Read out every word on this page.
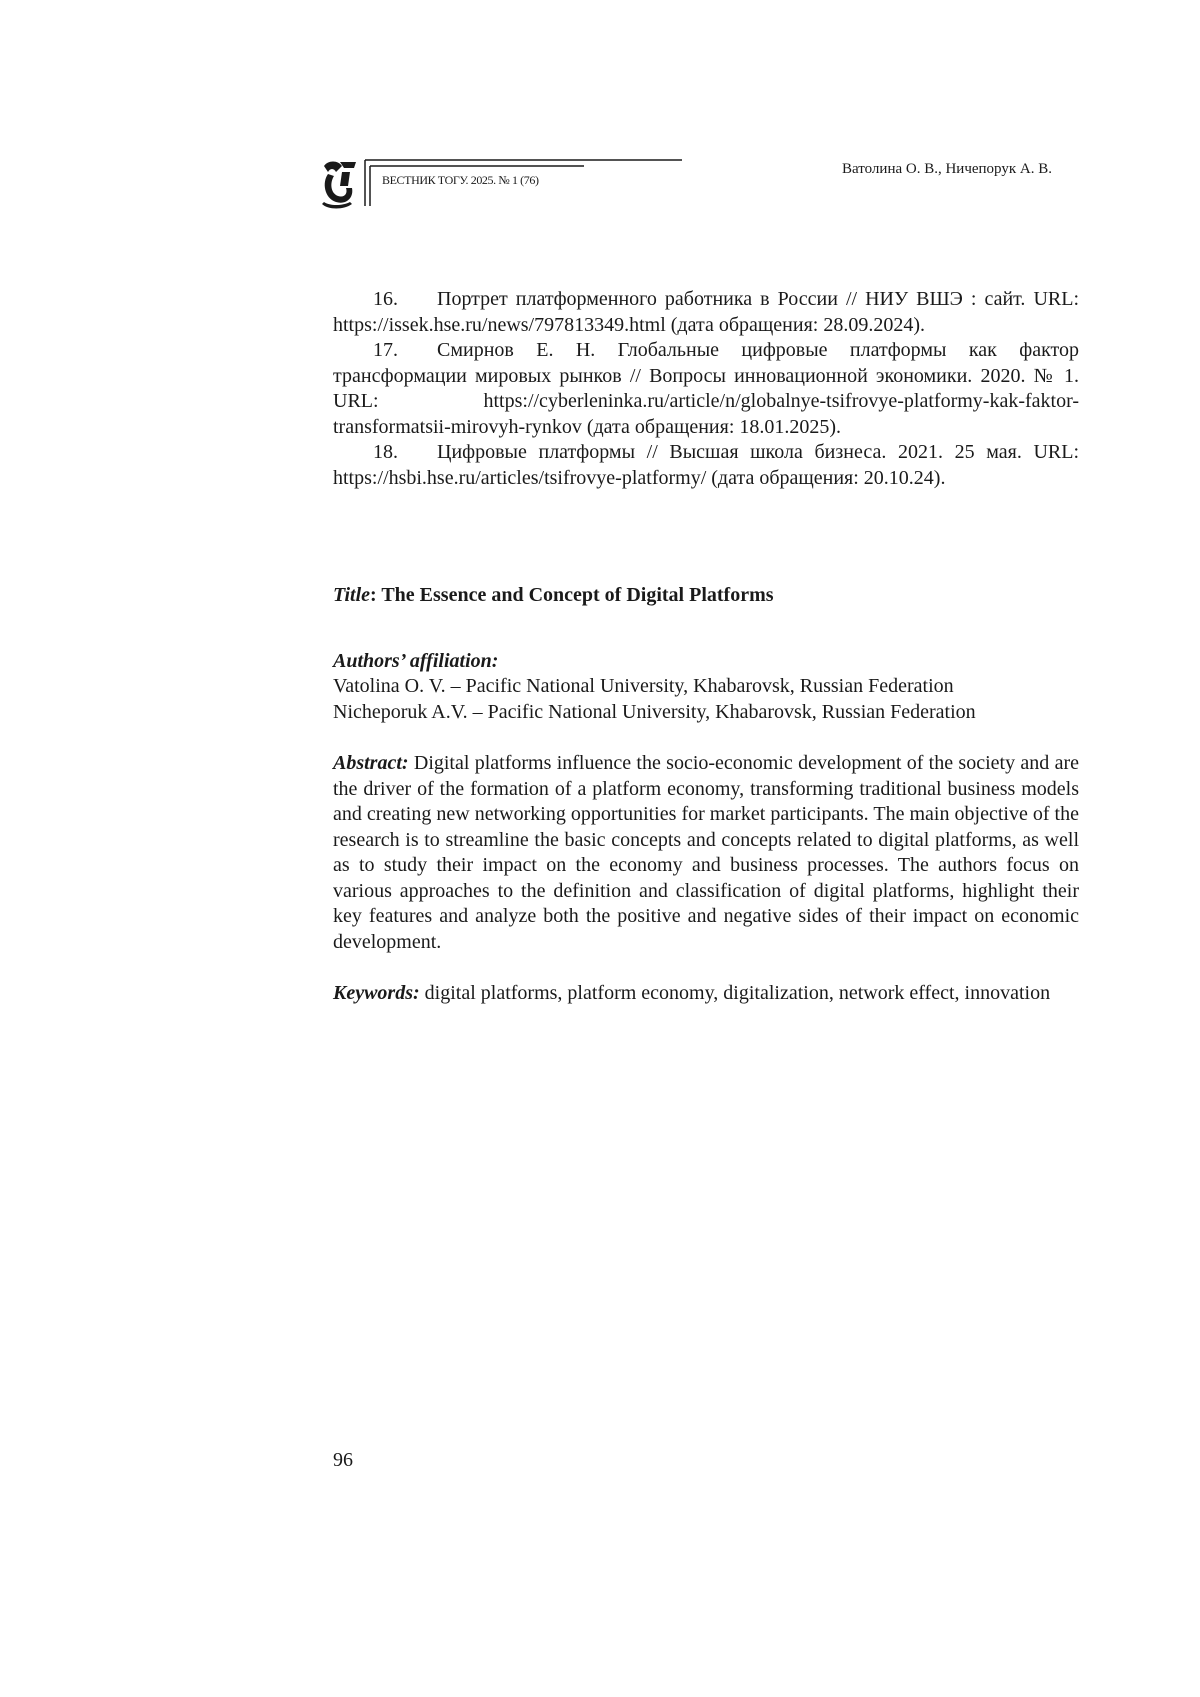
ВЕСТНИК ТОГУ. 2025. № 1 (76)
Ватолина О. В., Ничепорук А. В.

16. Портрет платформенного работника в России // НИУ ВШЭ : сайт. URL: https://issek.hse.ru/news/797813349.html (дата обращения: 28.09.2024).

17. Смирнов Е. Н. Глобальные цифровые платформы как фактор трансформации мировых рынков // Вопросы инновационной экономики. 2020. № 1. URL: https://cyberleninka.ru/article/n/globalnye-tsifrovye-platformy-kak-faktor-transformatsii-mirovyh-rynkov (дата обращения: 18.01.2025).

18. Цифровые платформы // Высшая школа бизнеса. 2021. 25 мая. URL: https://hsbi.hse.ru/articles/tsifrovye-platformy/ (дата обращения: 20.10.24).

Title: The Essence and Concept of Digital Platforms
Authors’ affiliation:
Vatolina O. V. – Pacific National University, Khabarovsk, Russian Federation
Nicheporuk A.V. – Pacific National University, Khabarovsk, Russian Federation
Abstract: Digital platforms influence the socio-economic development of the society and are the driver of the formation of a platform economy, transforming traditional business models and creating new networking opportunities for market participants. The main objective of the research is to streamline the basic concepts and concepts related to digital platforms, as well as to study their impact on the economy and business processes. The authors focus on various approaches to the definition and classification of digital platforms, highlight their key features and analyze both the positive and negative sides of their impact on economic development.
Keywords: digital platforms, platform economy, digitalization, network effect, innovation
96
